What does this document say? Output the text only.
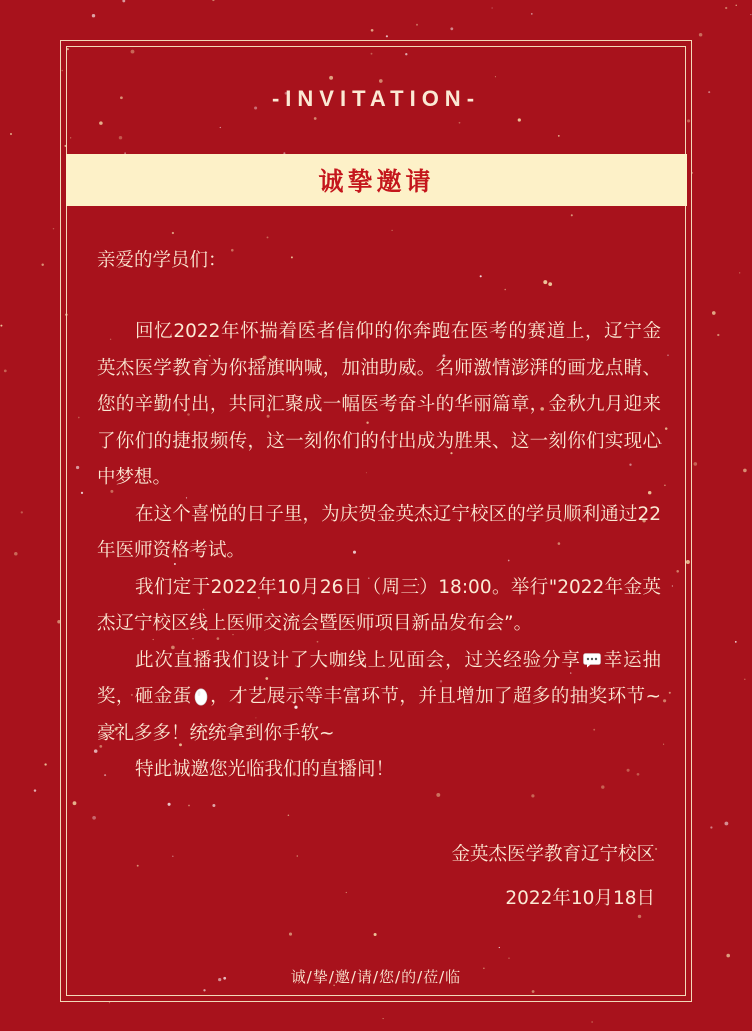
-INVITATION-
诚挚邀请
亲爱的学员们：

回忆2022年怀揣着医者信仰的你奔跑在医考的赛道上，辽宁金英杰医学教育为你摇旗呐喊，加油助威。名师激情澎湃的画龙点睛、您的辛勤付出，共同汇聚成一幅医考奋斗的华丽篇章，金秋九月迎来了你们的捷报频传，这一刻你们的付出成为胜果、这一刻你们实现心中梦想。

在这个喜悦的日子里，为庆贺金英杰辽宁校区的学员顺利通过22年医师资格考试。

我们定于2022年10月26日（周三）18:00。举行"2022年金英杰辽宁校区线上医师交流会暨医师项目新品发布会”。

此次直播我们设计了大咖线上见面会，过关经验分享 幸运抽奖，砸金蛋 ，才艺展示等丰富环节，并且增加了超多的抽奖环节~豪礼多多！统统拿到你手软~

特此诚邀您光临我们的直播间！

金英杰医学教育辽宁校区
2022年10月18日
诚/挚/邀/请/您/的/莅/临
